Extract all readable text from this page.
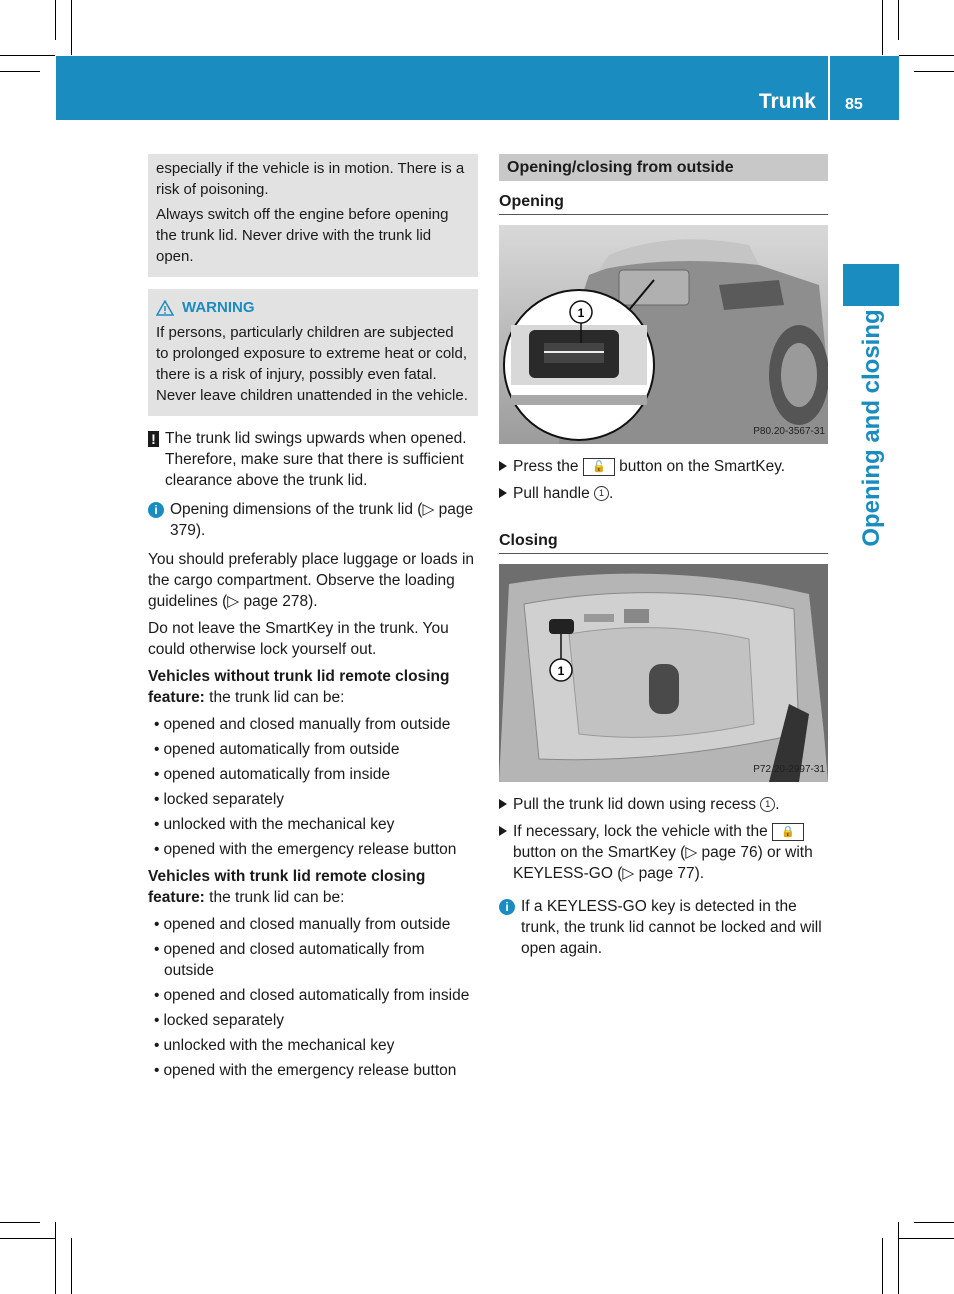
Trunk 85
Opening and closing

especially if the vehicle is in motion. There is a risk of poisoning.

Always switch off the engine before opening the trunk lid. Never drive with the trunk lid open.

WARNING

If persons, particularly children are subjected to prolonged exposure to extreme heat or cold, there is a risk of injury, possibly even fatal. Never leave children unattended in the vehicle.

! The trunk lid swings upwards when opened. Therefore, make sure that there is sufficient clearance above the trunk lid.
i Opening dimensions of the trunk lid (▷ page 379).

You should preferably place luggage or loads in the cargo compartment. Observe the loading guidelines (▷ page 278).

Do not leave the SmartKey in the trunk. You could otherwise lock yourself out.

Vehicles without trunk lid remote closing feature: the trunk lid can be:

• opened and closed manually from outside
• opened automatically from outside
• opened automatically from inside
• locked separately
• unlocked with the mechanical key
• opened with the emergency release button

Vehicles with trunk lid remote closing feature: the trunk lid can be:

• opened and closed manually from outside
• opened and closed automatically from outside
• opened and closed automatically from inside
• locked separately
• unlocked with the mechanical key
• opened with the emergency release button
Opening/closing from outside
Opening
1
P80.20-3567-31
Press the 🔓 button on the SmartKey.
Pull handle 1 .
Closing
1
P72.20-2997-31
Pull the trunk lid down using recess 1 .
If necessary, lock the vehicle with the 🔒 button on the SmartKey (▷ page 76) or with KEYLESS-GO (▷ page 77).
i If a KEYLESS-GO key is detected in the trunk, the trunk lid cannot be locked and will open again.
